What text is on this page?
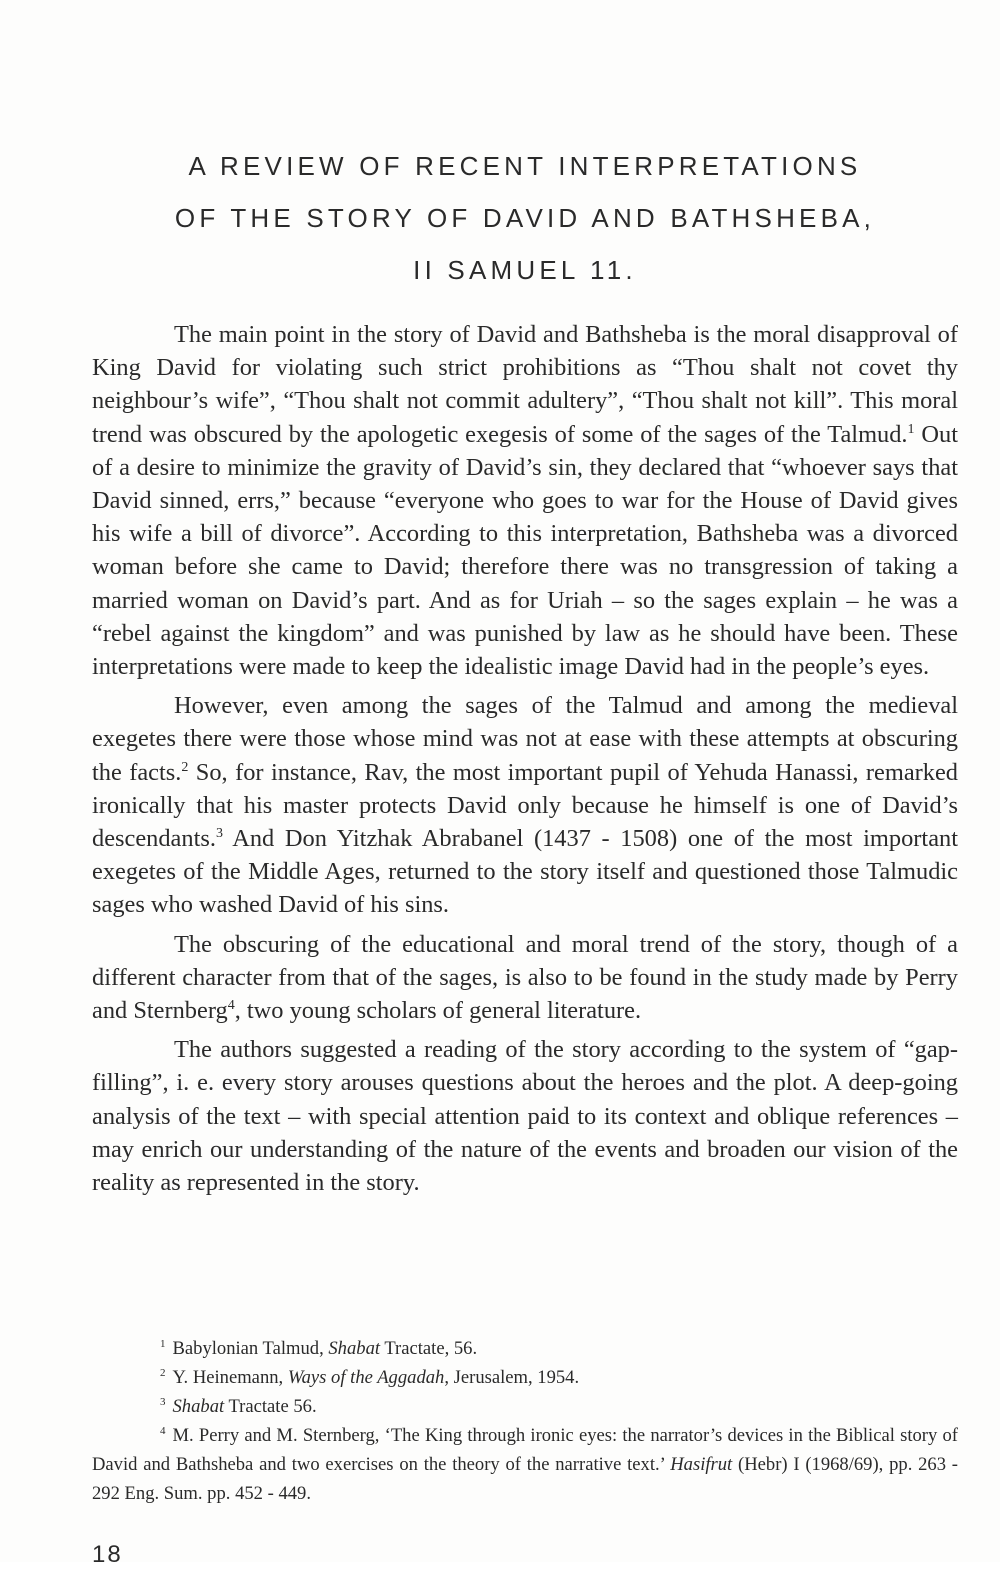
A REVIEW OF RECENT INTERPRETATIONS
OF THE STORY OF DAVID AND BATHSHEBA,
II SAMUEL 11.

The main point in the story of David and Bathsheba is the moral disapproval of King David for violating such strict prohibitions as “Thou shalt not covet thy neighbour’s wife”, “Thou shalt not commit adultery”, “Thou shalt not kill”. This moral trend was obscured by the apologetic exegesis of some of the sages of the Talmud.$^1$ Out of a desire to minimize the gravity of David’s sin, they declared that “whoever says that David sinned, errs,” because “everyone who goes to war for the House of David gives his wife a bill of divorce”. According to this interpretation, Bathsheba was a divorced woman before she came to David; therefore there was no transgression of taking a married woman on David’s part. And as for Uriah – so the sages explain – he was a “rebel against the kingdom” and was punished by law as he should have been. These interpretations were made to keep the idealistic image David had in the people’s eyes.

However, even among the sages of the Talmud and among the medieval exegetes there were those whose mind was not at ease with these attempts at obscuring the facts.$^2$ So, for instance, Rav, the most important pupil of Yehuda Hanassi, remarked ironically that his master protects David only because he himself is one of David’s descendants.$^3$ And Don Yitzhak Abrabanel (1437 - 1508) one of the most important exegetes of the Middle Ages, returned to the story itself and questioned those Talmudic sages who washed David of his sins.

The obscuring of the educational and moral trend of the story, though of a different character from that of the sages, is also to be found in the study made by Perry and Sternberg$^4$, two young scholars of general literature.

The authors suggested a reading of the story according to the system of “gap-filling”, i. e. every story arouses questions about the heroes and the plot. A deep-going analysis of the text – with special attention paid to its context and oblique references – may enrich our understanding of the nature of the events and broaden our vision of the reality as represented in the story.

$^1$ Babylonian Talmud, Shabat Tractate, 56.

$^2$ Y. Heinemann, Ways of the Aggadah, Jerusalem, 1954.

$^3$ Shabat Tractate 56.

$^4$ M. Perry and M. Sternberg, ‘The King through ironic eyes: the narrator’s devices in the Biblical story of David and Bathsheba and two exercises on the theory of the narrative text.’ Hasifrut (Hebr) I (1968/69), pp. 263 - 292 Eng. Sum. pp. 452 - 449.

18
